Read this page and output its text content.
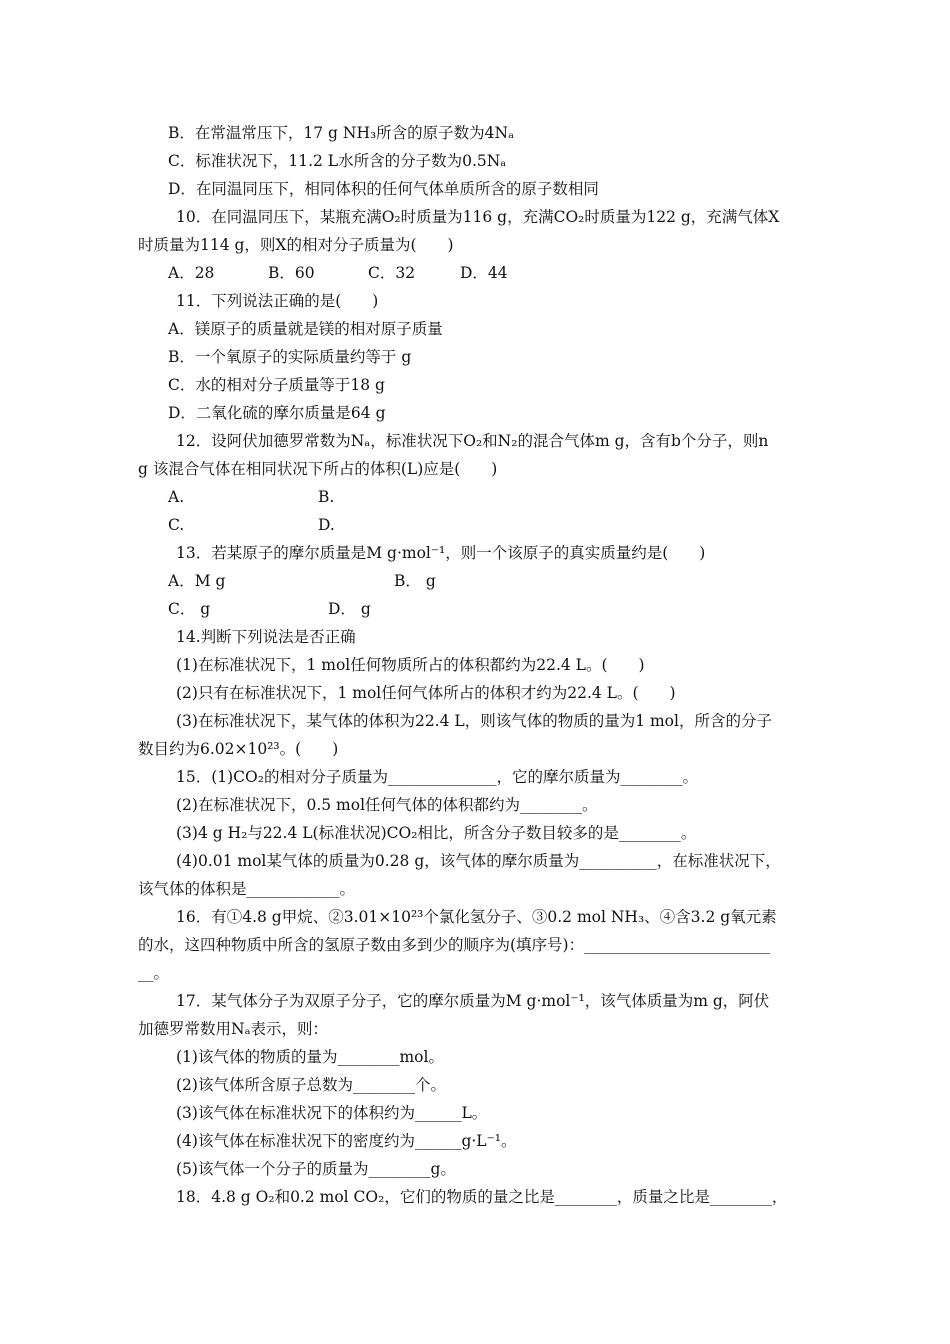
B．在常温常压下，17 g NH₃所含的原子数为4Nₐ
C．标准状况下，11.2 L水所含的分子数为0.5Nₐ
D．在同温同压下，相同体积的任何气体单质所含的原子数相同
10．在同温同压下，某瓶充满O₂时质量为116 g，充满CO₂时质量为122 g，充满气体X
时质量为114 g，则X的相对分子质量为(　　)
A．28	B．60	C．32	D．44
11．下列说法正确的是(　　)
A．镁原子的质量就是镁的相对原子质量
B．一个氧原子的实际质量约等于 g
C．水的相对分子质量等于18 g
D．二氧化硫的摩尔质量是64 g
12．设阿伏加德罗常数为Nₐ，标准状况下O₂和N₂的混合气体m g，含有b个分子，则n
g 该混合气体在相同状况下所占的体积(L)应是(　　)
A.	B.
C.	D.
13．若某原子的摩尔质量是M g·mol⁻¹，则一个该原子的真实质量约是(　　)
A．M g	B． g
C． g	D． g
14.判断下列说法是否正确
(1)在标准状况下，1 mol任何物质所占的体积都约为22.4 L。(　　)
(2)只有在标准状况下，1 mol任何气体所占的体积才约为22.4 L。(　　)
(3)在标准状况下，某气体的体积为22.4 L，则该气体的物质的量为1 mol，所含的分子
数目约为6.02×10²³。(　　)
15．(1)CO₂的相对分子质量为______________，它的摩尔质量为________。
(2)在标准状况下，0.5 mol任何气体的体积都约为________。
(3)4 g H₂与22.4 L(标准状况)CO₂相比，所含分子数目较多的是________。
(4)0.01 mol某气体的质量为0.28 g，该气体的摩尔质量为__________，在标准状况下，
该气体的体积是____________。
16．有①4.8 g甲烷、②3.01×10²³个氯化氢分子、③0.2 mol NH₃、④含3.2 g氧元素
的水，这四种物质中所含的氢原子数由多到少的顺序为(填序号)：________________________
__。
17．某气体分子为双原子分子，它的摩尔质量为M g·mol⁻¹，该气体质量为m g，阿伏
加德罗常数用Nₐ表示，则：
(1)该气体的物质的量为________mol。
(2)该气体所含原子总数为________个。
(3)该气体在标准状况下的体积约为______L。
(4)该气体在标准状况下的密度约为______g·L⁻¹。
(5)该气体一个分子的质量为________g。
18．4.8 g O₂和0.2 mol CO₂，它们的物质的量之比是________，质量之比是________，
